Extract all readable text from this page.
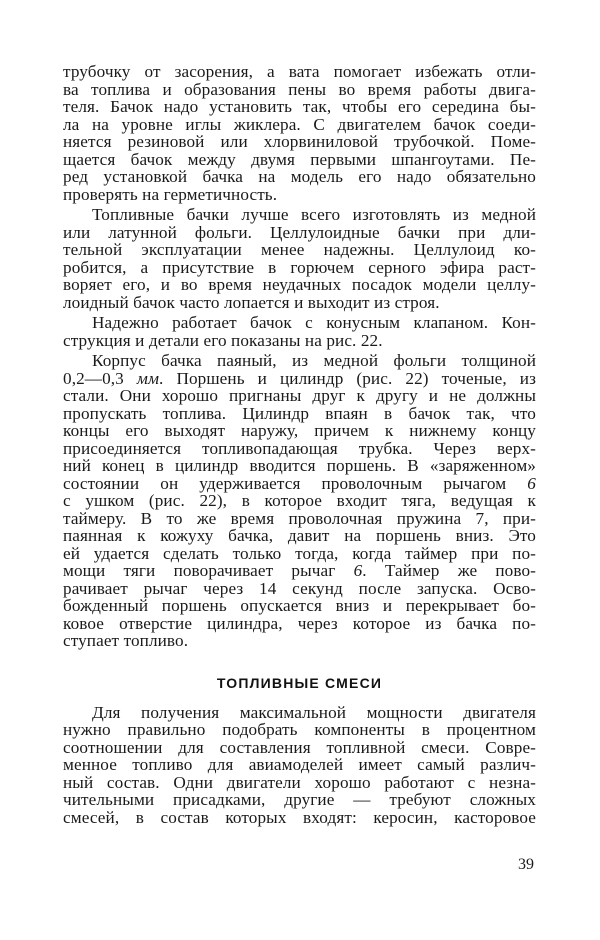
трубочку от засорения, а вата помогает избежать отли-
ва топлива и образования пены во время работы двига-
теля. Бачок надо установить так, чтобы его середина бы-
ла на уровне иглы жиклера. С двигателем бачок соеди-
няется резиновой или хлорвиниловой трубочкой. Поме-
щается бачок между двумя первыми шпангоутами. Пе-
ред установкой бачка на модель его надо обязательно
проверять на герметичность.
Топливные бачки лучше всего изготовлять из медной
или латунной фольги. Целлулоидные бачки при дли-
тельной эксплуатации менее надежны. Целлулоид ко-
робится, а присутствие в горючем серного эфира раст-
воряет его, и во время неудачных посадок модели целлу-
лоидный бачок часто лопается и выходит из строя.
Надежно работает бачок с конусным клапаном. Кон-
струкция и детали его показаны на рис. 22.
Корпус бачка паяный, из медной фольги толщиной
0,2—0,3 мм. Поршень и цилиндр (рис. 22) точеные, из
стали. Они хорошо пригнаны друг к другу и не должны
пропускать топлива. Цилиндр впаян в бачок так, что
концы его выходят наружу, причем к нижнему концу
присоединяется топливопадающая трубка. Через верх-
ний конец в цилиндр вводится поршень. В «заряженном»
состоянии он удерживается проволочным рычагом 6
с ушком (рис. 22), в которое входит тяга, ведущая к
таймеру. В то же время проволочная пружина 7, при-
паянная к кожуху бачка, давит на поршень вниз. Это
ей удается сделать только тогда, когда таймер при по-
мощи тяги поворачивает рычаг 6. Таймер же пово-
рачивает рычаг через 14 секунд после запуска. Осво-
божденный поршень опускается вниз и перекрывает бо-
ковое отверстие цилиндра, через которое из бачка по-
ступает топливо.
ТОПЛИВНЫЕ СМЕСИ
Для получения максимальной мощности двигателя
нужно правильно подобрать компоненты в процентном
соотношении для составления топливной смеси. Совре-
менное топливо для авиамоделей имеет самый различ-
ный состав. Одни двигатели хорошо работают с незна-
чительными присадками, другие — требуют сложных
смесей, в состав которых входят: керосин, касторовое
39
